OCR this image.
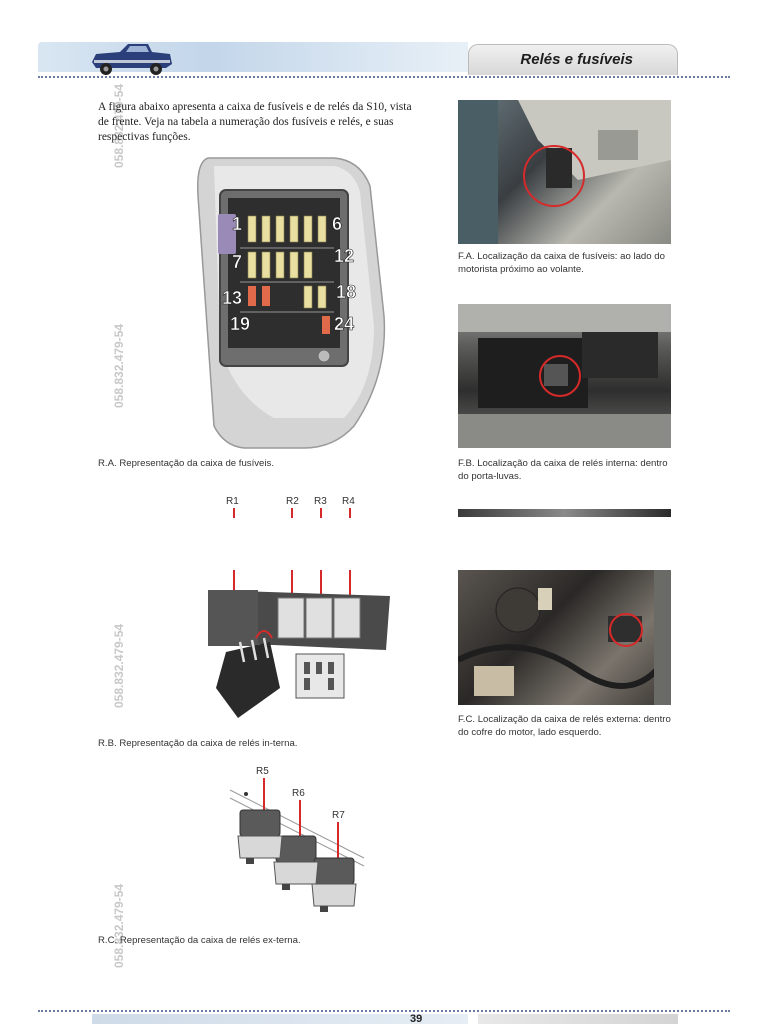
Relés e fusíveis
058.832.479-54
058.832.479-54
058.832.479-54
058.832.479-54
A figura abaixo apresenta a caixa de fusíveis e de relés da S10, vista de frente. Veja na tabela a numeração dos fusíveis e relés, e suas respectivas funções.
1	6
7	12
13	18
19	24
R.A. Representação da caixa de fusíveis.
R1	R2 R3 R4
R.B. Representação da caixa de relés in-terna.
R5
R6
R7
R.C. Representação da caixa de relés ex-terna.
F.A. Localização da caixa de fusíveis: ao lado do motorista próximo ao volante.
F.B. Localização da caixa de relés interna: dentro do porta-luvas.
F.C. Localização da caixa de relés externa: dentro do cofre do motor, lado esquerdo.
39
